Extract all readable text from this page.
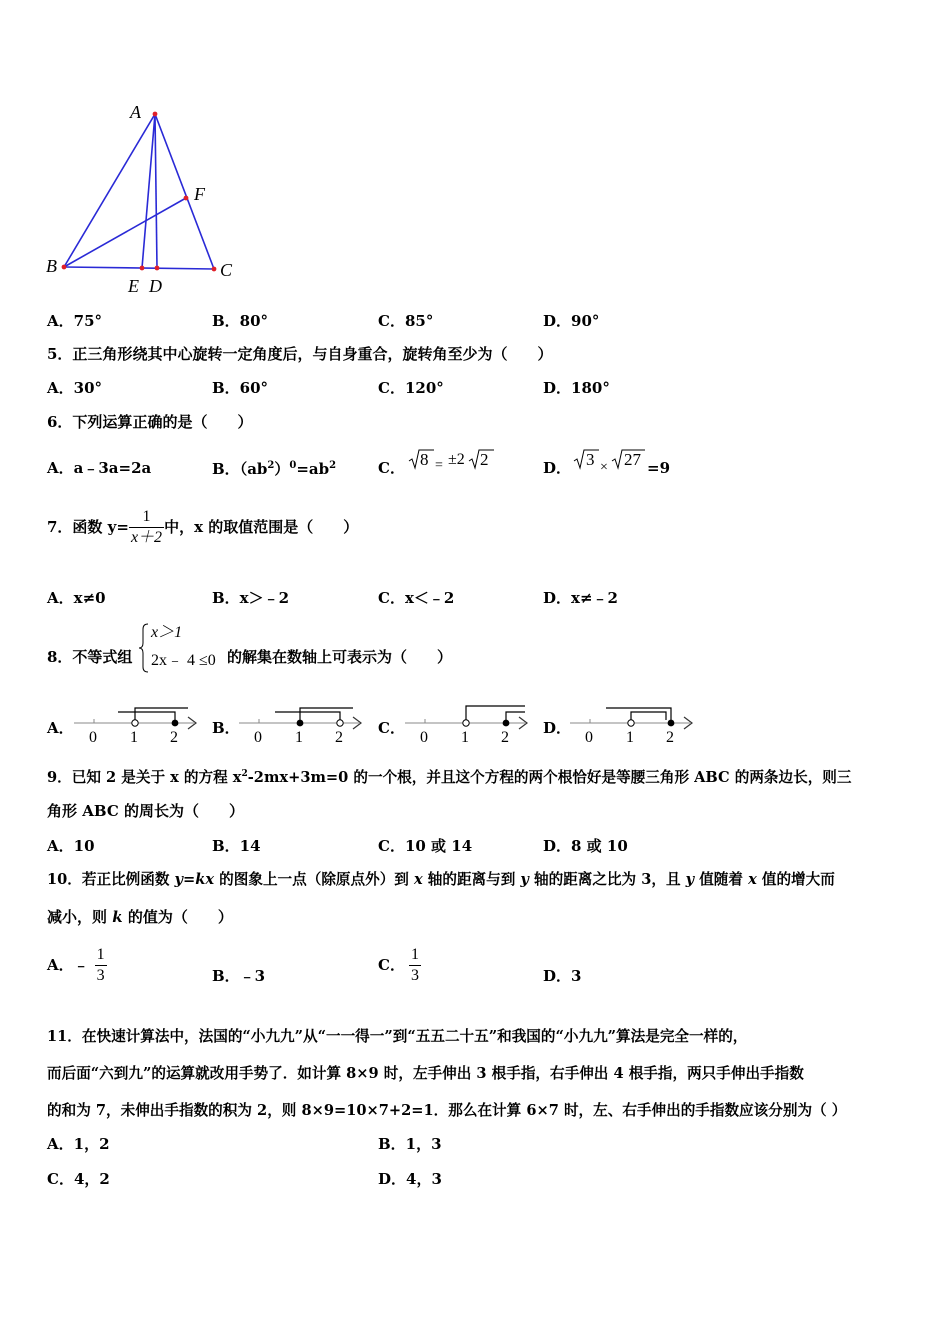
A
F
B	C
E D
A．75°	B．80°	C．85°	D．90°
5．正三角形绕其中心旋转一定角度后，与自身重合，旋转角至少为（　　）
A．30°	B．60°	C．120°	D．180°
6．下列运算正确的是（　　）
A．a﹣3a=2a	B．$(ab^2)^0=ab^2$	C． 8 = ±2 2	D． 3 × 27 =9
7．函数 $y= \frac{1}{x+2}$ 中，x 的取值范围是（　　）
A．x≠0	B．x＞﹣2	C．x＜﹣2	D．x≠﹣2
8．不等式组
x＞1
2x﹣ 4 ≤0 的解集在数轴上可表示为（　　）
A．
0 1 2
B．
0 1 2
C．
0 1 2
D．
0 1 2
9．已知 2 是关于 x 的方程 $x^2-2mx+3m=0$ 的一个根，并且这个方程的两个根恰好是等腰三角形 ABC 的两条边长，则三
角形 ABC 的周长为（　　）
A．10	B．14	C．10 或 14	D．8 或 10
10．若正比例函数 y=kx 的图象上一点（除原点外）到 x 轴的距离与到 y 轴的距离之比为 3，且 y 值随着 x 值的增大而
减小，则 k 的值为（　　）
A．﹣ $\frac{1}{3}$	B．﹣3
C． $\frac{1}{3}$	D．3
11．在快速计算法中，法国的“小九九”从“一一得一”到“五五二十五”和我国的“小九九”算法是完全一样的，
而后面“六到九”的运算就改用手势了．如计算 8×9 时，左手伸出 3 根手指，右手伸出 4 根手指，两只手伸出手指数
的和为 7，未伸出手指数的积为 2，则 8×9=10×7+2=1．那么在计算 6×7 时，左、右手伸出的手指数应该分别为（ ）
A．1，2	B．1，3
C．4，2	D．4，3
